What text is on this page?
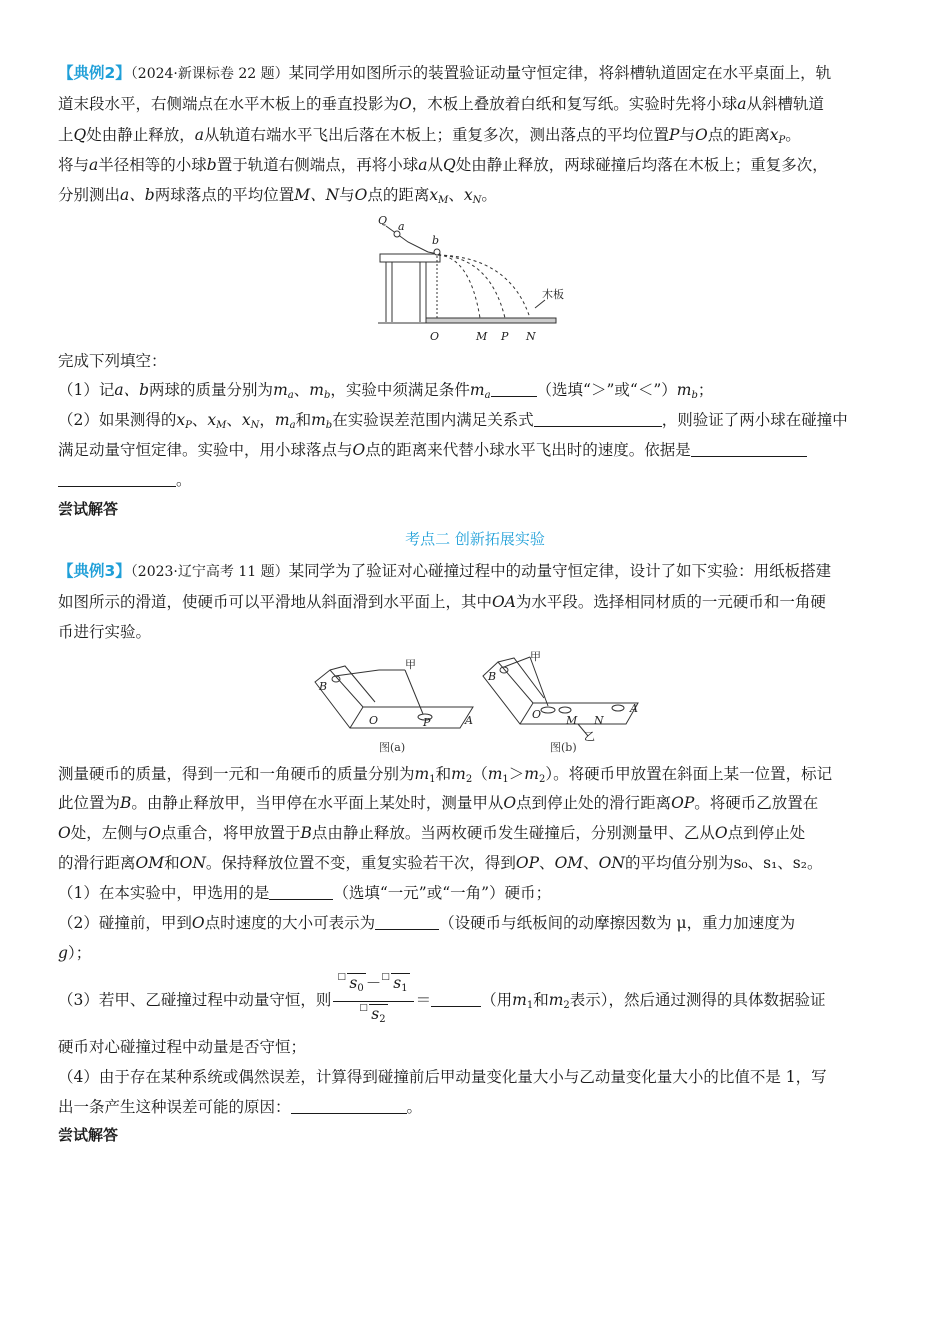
【典例2】（2024·新课标卷 22 题）某同学用如图所示的装置验证动量守恒定律，将斜槽轨道固定在水平桌面上，轨
道末段水平，右侧端点在水平木板上的垂直投影为O，木板上叠放着白纸和复写纸。实验时先将小球a从斜槽轨道
上Q处由静止释放，a从轨道右端水平飞出后落在木板上；重复多次，测出落点的平均位置P与O点的距离$x_P$。
将与a半径相等的小球b置于轨道右侧端点，再将小球a从Q处由静止释放，两球碰撞后均落在木板上；重复多次，
分别测出a、b两球落点的平均位置M、N与O点的距离$x_M$、$x_N$。
Q a
b
O	M P N
木板
完成下列填空：
（1）记a、b两球的质量分别为$m_a$、$m_b$，实验中须满足条件$m_a$	（选填“＞”或“$<”)m_b$；
（2）如果测得的$x_P$、$x_M$、$x_N$，$m_a$和$m_b$在实验误差范围内满足关系式	，则验证了两小球在碰撞中
满足动量守恒定律。实验中，用小球落点与O点的距离来代替小球水平飞出时的速度。依据是
。
尝试解答
考点二 创新拓展实验
【典例3】（2023·辽宁高考 11 题）某同学为了验证对心碰撞过程中的动量守恒定律，设计了如下实验：用纸板搭建
如图所示的滑道，使硬币可以平滑地从斜面滑到水平面上，其中OA为水平段。选择相同材质的一元硬币和一角硬
币进行实验。
B
O	P	A
甲
图(a)
B
O M N
A
甲
乙
图(b)
测量硬币的质量，得到一元和一角硬币的质量分别为$m_1$和$m_2(m_1>m_2)$。将硬币甲放置在斜面上某一位置，标记
此位置为B。由静止释放甲，当甲停在水平面上某处时，测量甲从O点到停止处的滑行距离OP。将硬币乙放置在
O处，左侧与O点重合，将甲放置于B点由静止释放。当两枚硬币发生碰撞后，分别测量甲、乙从O点到停止处
的滑行距离OM和ON。保持释放位置不变，重复实验若干次，得到OP、OM、ON的平均值分别为s₀、s₁、s₂。
（1）在本实验中，甲选用的是	（选填“一元”或“一角”）硬币；
（2）碰撞前，甲到O点时速度的大小可表示为	（设硬币与纸板间的动摩擦因数为 μ，重力加速度为
g）；
（3）若甲、乙碰撞过程中动量守恒，则 $\frac{□ s_0 - □ s_1}{□ s_2}$ ＝	（用$m_1$和$m_2$表示），然后通过测得的具体数据验证
硬币对心碰撞过程中动量是否守恒；
（4）由于存在某种系统或偶然误差，计算得到碰撞前后甲动量变化量大小与乙动量变化量大小的比值不是 1，写
出一条产生这种误差可能的原因：	。
尝试解答
